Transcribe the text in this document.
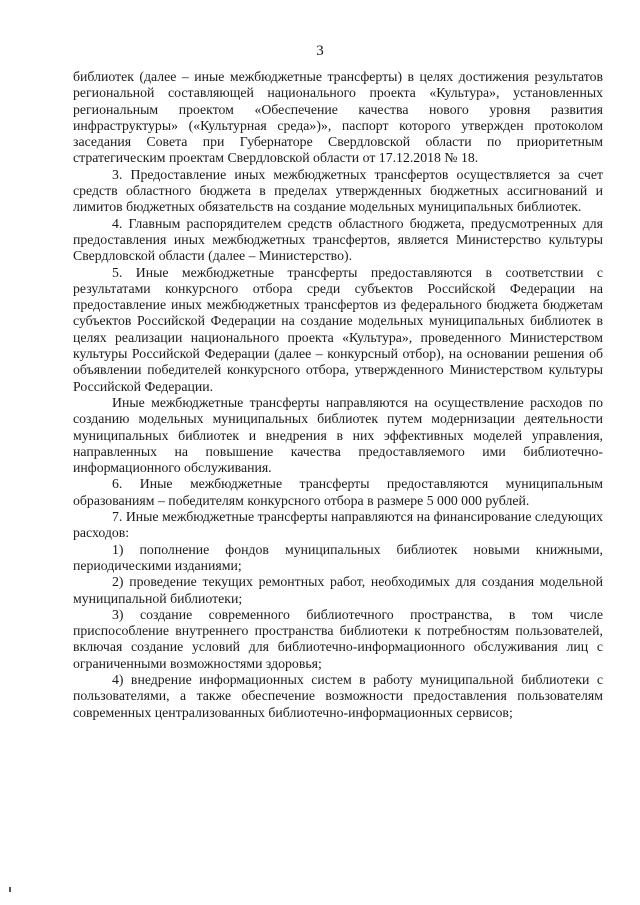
3

библиотек (далее – иные межбюджетные трансферты) в целях достижения результатов региональной составляющей национального проекта «Культура», установленных региональным проектом «Обеспечение качества нового уровня развития инфраструктуры» («Культурная среда»)», паспорт которого утвержден протоколом заседания Совета при Губернаторе Свердловской области по приоритетным стратегическим проектам Свердловской области от 17.12.2018 № 18.

3. Предоставление иных межбюджетных трансфертов осуществляется за счет средств областного бюджета в пределах утвержденных бюджетных ассигнований и лимитов бюджетных обязательств на создание модельных муниципальных библиотек.

4. Главным распорядителем средств областного бюджета, предусмотренных для предоставления иных межбюджетных трансфертов, является Министерство культуры Свердловской области (далее – Министерство).

5. Иные межбюджетные трансферты предоставляются в соответствии с результатами конкурсного отбора среди субъектов Российской Федерации на предоставление иных межбюджетных трансфертов из федерального бюджета бюджетам субъектов Российской Федерации на создание модельных муниципальных библиотек в целях реализации национального проекта «Культура», проведенного Министерством культуры Российской Федерации (далее – конкурсный отбор), на основании решения об объявлении победителей конкурсного отбора, утвержденного Министерством культуры Российской Федерации.

Иные межбюджетные трансферты направляются на осуществление расходов по созданию модельных муниципальных библиотек путем модернизации деятельности муниципальных библиотек и внедрения в них эффективных моделей управления, направленных на повышение качества предоставляемого ими библиотечно-информационного обслуживания.

6. Иные межбюджетные трансферты предоставляются муниципальным образованиям – победителям конкурсного отбора в размере 5 000 000 рублей.

7. Иные межбюджетные трансферты направляются на финансирование следующих расходов:

1) пополнение фондов муниципальных библиотек новыми книжными, периодическими изданиями;

2) проведение текущих ремонтных работ, необходимых для создания модельной муниципальной библиотеки;

3) создание современного библиотечного пространства, в том числе приспособление внутреннего пространства библиотеки к потребностям пользователей, включая создание условий для библиотечно-информационного обслуживания лиц с ограниченными возможностями здоровья;

4) внедрение информационных систем в работу муниципальной библиотеки с пользователями, а также обеспечение возможности предоставления пользователям современных централизованных библиотечно-информационных сервисов;
